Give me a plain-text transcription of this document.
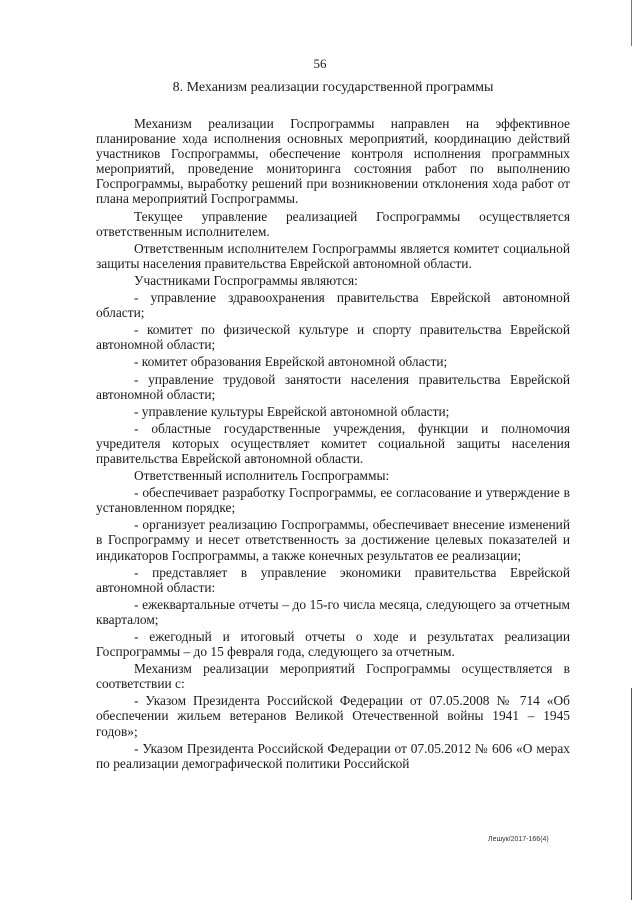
56
8. Механизм реализации государственной программы

Механизм реализации Госпрограммы направлен на эффективное планирование хода исполнения основных мероприятий, координацию действий участников Госпрограммы, обеспечение контроля исполнения программных мероприятий, проведение мониторинга состояния работ по выполнению Госпрограммы, выработку решений при возникновении отклонения хода работ от плана мероприятий Госпрограммы.

Текущее управление реализацией Госпрограммы осуществляется ответственным исполнителем.

Ответственным исполнителем Госпрограммы является комитет социальной защиты населения правительства Еврейской автономной области.

Участниками Госпрограммы являются:

- управление здравоохранения правительства Еврейской автономной области;

- комитет по физической культуре и спорту правительства Еврейской автономной области;

- комитет образования Еврейской автономной области;

- управление трудовой занятости населения правительства Еврейской автономной области;

- управление культуры Еврейской автономной области;

- областные государственные учреждения, функции и полномочия учредителя которых осуществляет комитет социальной защиты населения правительства Еврейской автономной области.

Ответственный исполнитель Госпрограммы:

- обеспечивает разработку Госпрограммы, ее согласование и утверждение в установленном порядке;

- организует реализацию Госпрограммы, обеспечивает внесение изменений в Госпрограмму и несет ответственность за достижение целевых показателей и индикаторов Госпрограммы, а также конечных результатов ее реализации;

- представляет в управление экономики правительства Еврейской автономной области:

- ежеквартальные отчеты – до 15-го числа месяца, следующего за отчетным кварталом;

- ежегодный и итоговый отчеты о ходе и результатах реализации Госпрограммы – до 15 февраля года, следующего за отчетным.

Механизм реализации мероприятий Госпрограммы осуществляется в соответствии с:

- Указом Президента Российской Федерации от 07.05.2008 № 714 «Об обеспечении жильем ветеранов Великой Отечественной войны 1941 – 1945 годов»;

- Указом Президента Российской Федерации от 07.05.2012 № 606 «О мерах по реализации демографической политики Российской

Лешук/2017-166(4)
